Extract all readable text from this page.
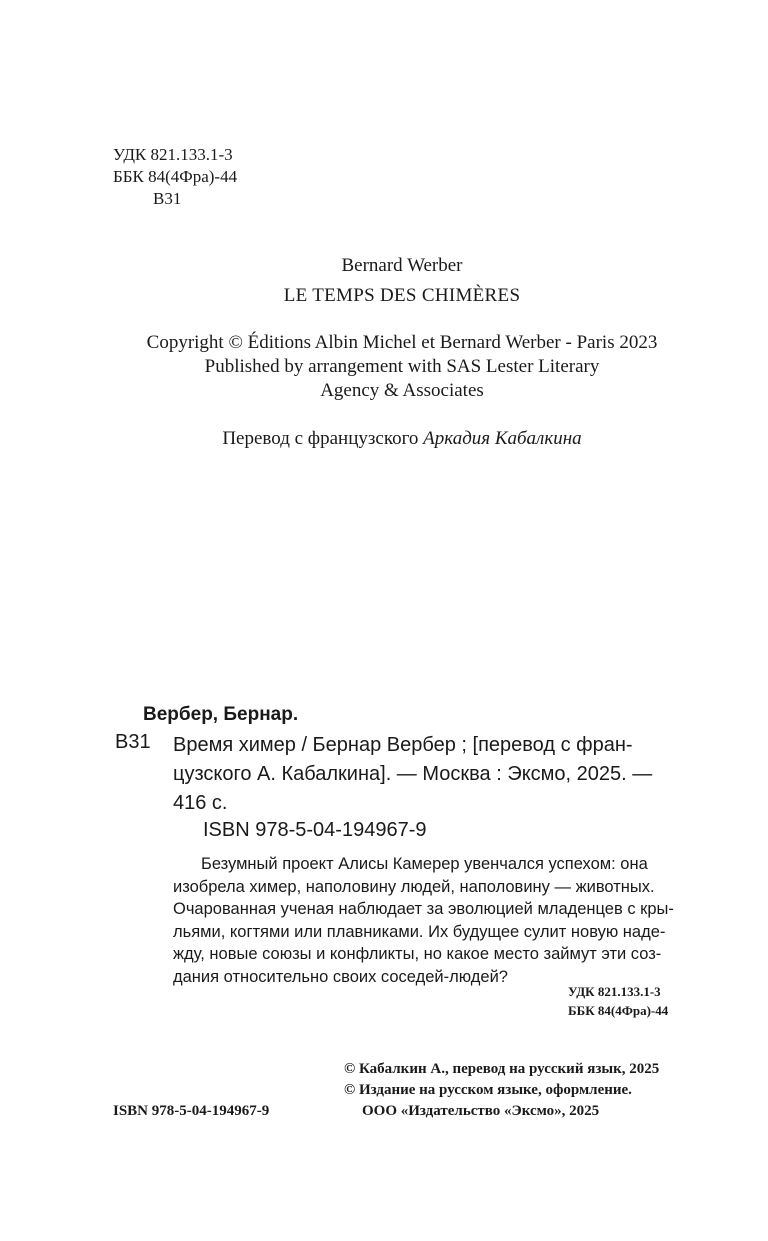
УДК 821.133.1-3
ББК 84(4Фра)-44
В31
Bernard Werber
LE TEMPS DES CHIMÈRES
Copyright © Éditions Albin Michel et Bernard Werber - Paris 2023
Published by arrangement with SAS Lester Literary
Agency & Associates
Перевод с французского Аркадия Кабалкина
Вербер, Бернар.
В31 Время химер / Бернар Вербер ; [перевод с фран-
цузского А. Кабалкина]. — Москва : Эксмо, 2025. —
416 с.
ISBN 978-5-04-194967-9
Безумный проект Алисы Камерер увенчался успехом: она
изобрела химер, наполовину людей, наполовину — животных.
Очарованная ученая наблюдает за эволюцией младенцев с кры-
льями, когтями или плавниками. Их будущее сулит новую наде-
жду, новые союзы и конфликты, но какое место займут эти соз-
дания относительно своих соседей-людей?
УДК 821.133.1-3
ББК 84(4Фра)-44
© Кабалкин А., перевод на русский язык, 2025
© Издание на русском языке, оформление.
ООО «Издательство «Эксмо», 2025
ISBN 978-5-04-194967-9
